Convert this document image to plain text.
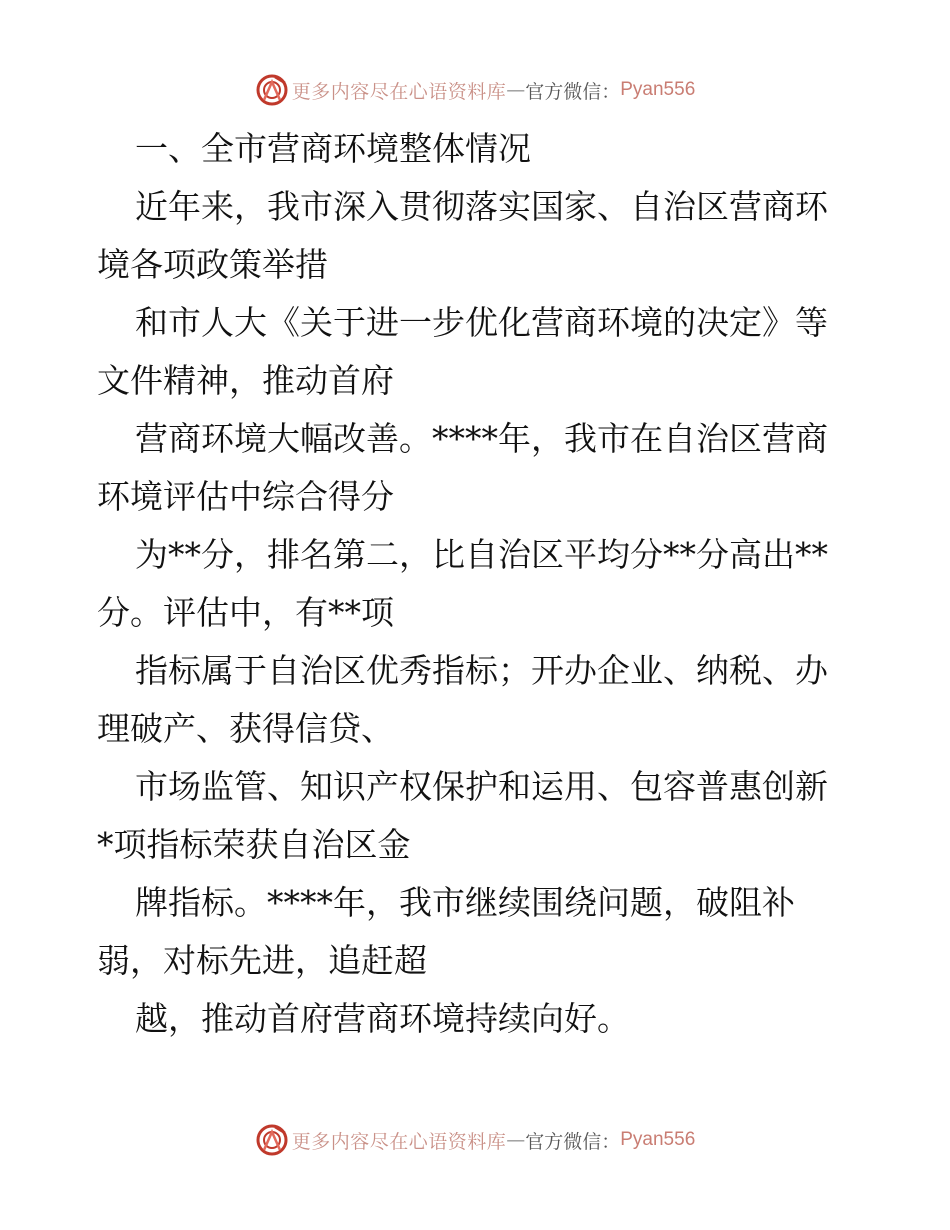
更多内容尽在心语资料库 — 官方微信： Pyan556
一、全市营商环境整体情况
近年来，我市深入贯彻落实国家、自治区营商环
境各项政策举措
和市人大《关于进一步优化营商环境的决定》等
文件精神，推动首府
营商环境大幅改善。****年，我市在自治区营商
环境评估中综合得分
为**分，排名第二，比自治区平均分**分高出**
分。评估中，有**项
指标属于自治区优秀指标；开办企业、纳税、办
理破产、获得信贷、
市场监管、知识产权保护和运用、包容普惠创新
*项指标荣获自治区金
牌指标。****年，我市继续围绕问题，破阻补
弱，对标先进，追赶超
越，推动首府营商环境持续向好。
更多内容尽在心语资料库 — 官方微信： Pyan556
